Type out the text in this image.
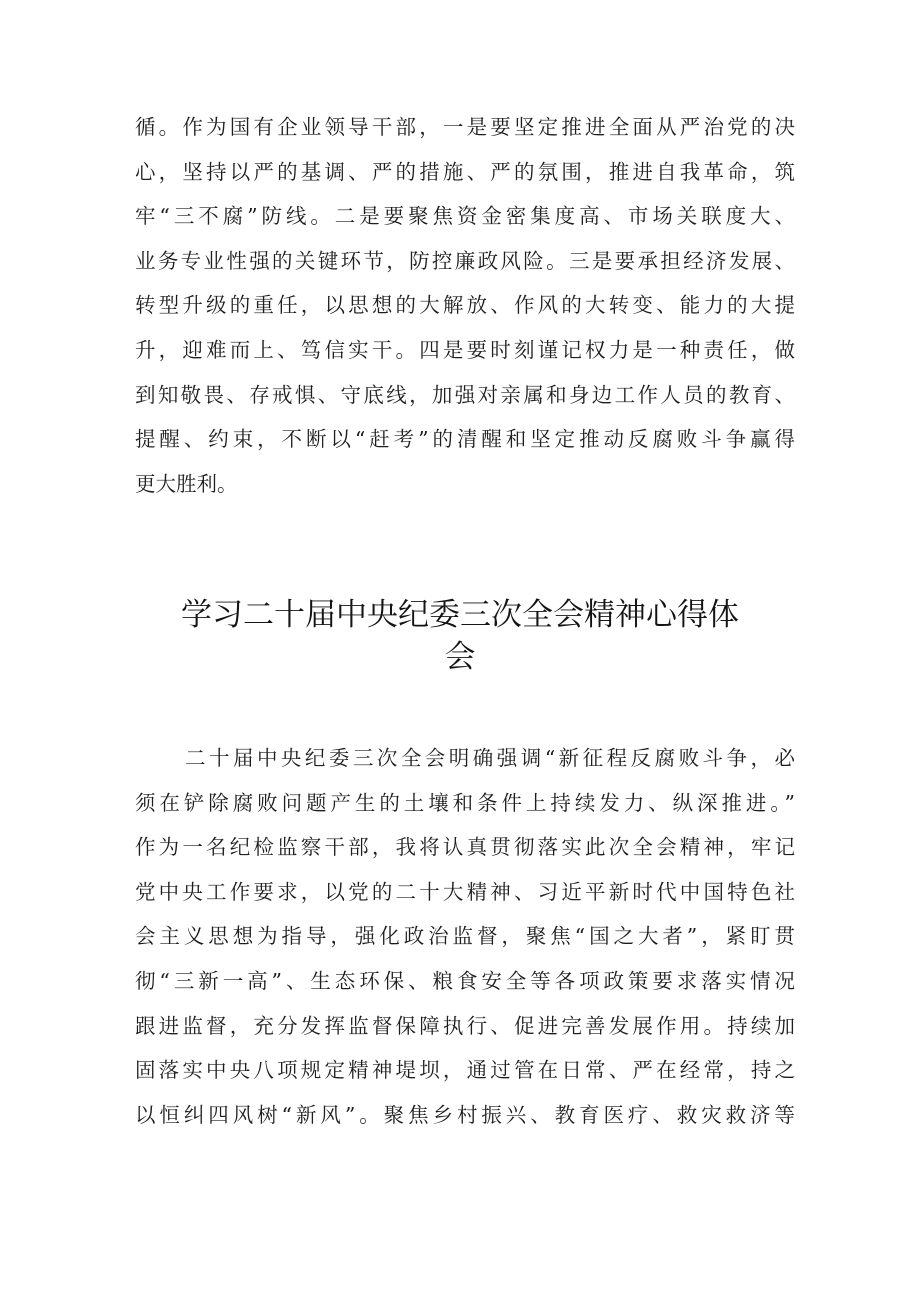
循。作为国有企业领导干部，一是要坚定推进全面从严治党的决
心，坚持以严的基调、严的措施、严的氛围，推进自我革命，筑
牢“三不腐”防线。二是要聚焦资金密集度高、市场关联度大、
业务专业性强的关键环节，防控廉政风险。三是要承担经济发展、
转型升级的重任，以思想的大解放、作风的大转变、能力的大提
升，迎难而上、笃信实干。四是要时刻谨记权力是一种责任，做
到知敬畏、存戒惧、守底线，加强对亲属和身边工作人员的教育、
提醒、约束，不断以“赶考”的清醒和坚定推动反腐败斗争赢得
更大胜利。
学习二十届中央纪委三次全会精神心得体
会
二十届中央纪委三次全会明确强调“新征程反腐败斗争，必
须在铲除腐败问题产生的土壤和条件上持续发力、纵深推进。”
作为一名纪检监察干部，我将认真贯彻落实此次全会精神，牢记
党中央工作要求，以党的二十大精神、习近平新时代中国特色社
会主义思想为指导，强化政治监督，聚焦“国之大者”，紧盯贯
彻“三新一高”、生态环保、粮食安全等各项政策要求落实情况
跟进监督，充分发挥监督保障执行、促进完善发展作用。持续加
固落实中央八项规定精神堤坝，通过管在日常、严在经常，持之
以恒纠四风树“新风”。聚焦乡村振兴、教育医疗、救灾救济等
